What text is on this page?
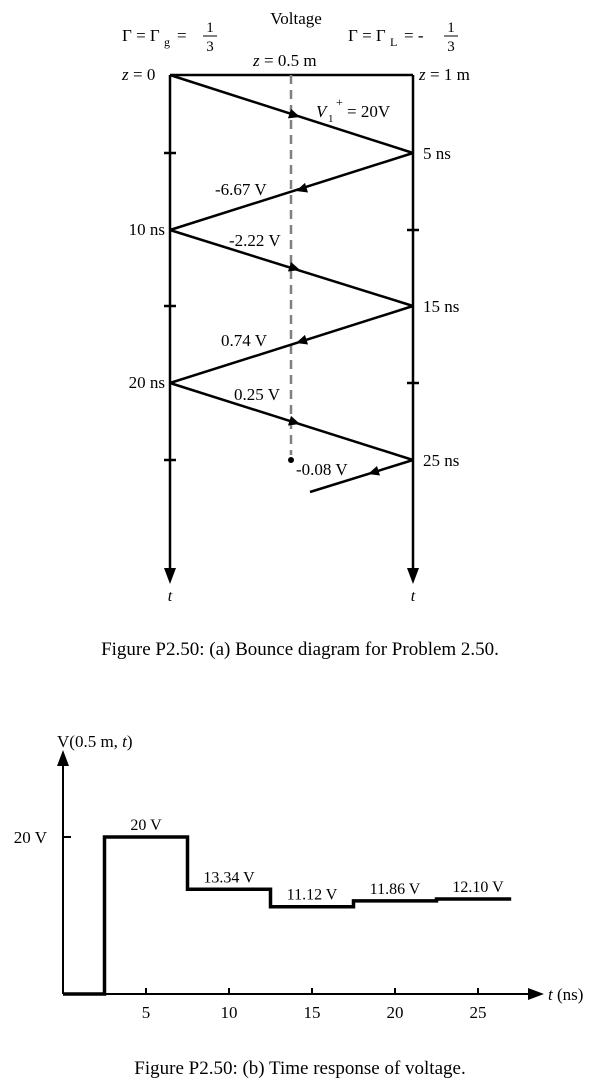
Voltage
Γ = Γ g = 1
3
Γ = Γ L = - 1
3
z = 0
z = 0.5 m
z = 1 m
t	t
V 1
+ = 20V
-6.67 V
-2.22 V
0.74 V
0.25 V
-0.08 V
5 ns
15 ns
25 ns
10 ns
20 ns
Figure P2.50: (a) Bounce diagram for Problem 2.50.
V(0.5 m, t)
t (ns)
5	10	15	20	25
20 V
20 V
13.34 V
11.12 V 11.86 V 12.10 V
Figure P2.50: (b) Time response of voltage.
